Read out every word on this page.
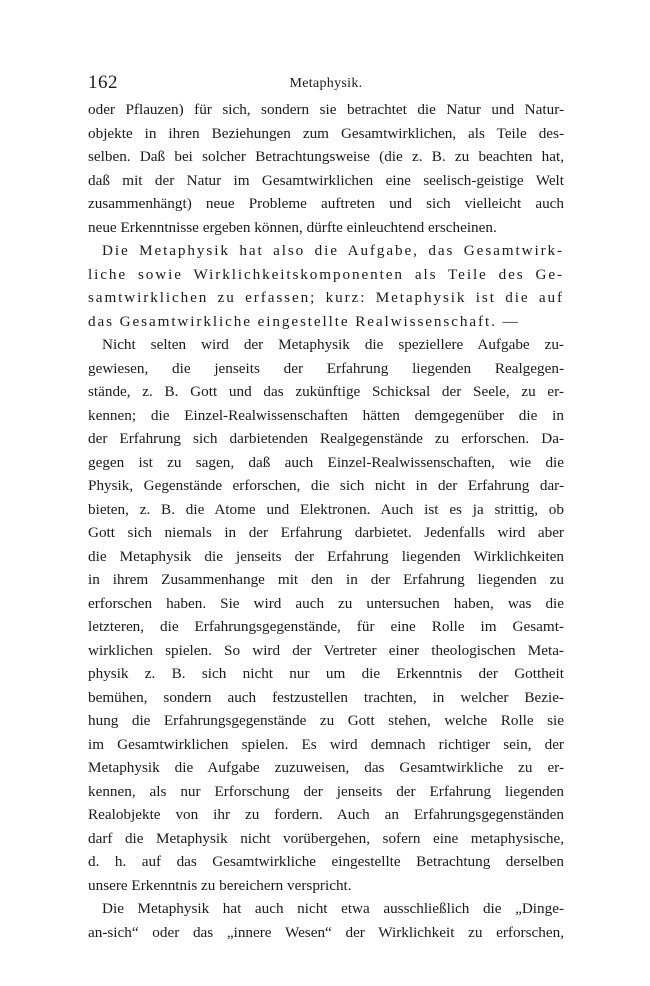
162	Metaphysik.
oder Pflauzen) für sich, sondern sie betrachtet die Natur und Natur-
objekte in ihren Beziehungen zum Gesamtwirklichen, als Teile des-
selben. Daß bei solcher Betrachtungsweise (die z. B. zu beachten hat,
daß mit der Natur im Gesamtwirklichen eine seelisch-geistige Welt
zusammenhängt) neue Probleme auftreten und sich vielleicht auch
neue Erkenntnisse ergeben können, dürfte einleuchtend erscheinen.
Die Metaphysik hat also die Aufgabe, das Gesamtwirk-
liche sowie Wirklichkeitskomponenten als Teile des Ge-
samtwirklichen zu erfassen; kurz: Metaphysik ist die auf
das Gesamtwirkliche eingestellte Realwissenschaft. —
Nicht selten wird der Metaphysik die speziellere Aufgabe zu-
gewiesen, die jenseits der Erfahrung liegenden Realgegen-
stände, z. B. Gott und das zukünftige Schicksal der Seele, zu er-
kennen; die Einzel-Realwissenschaften hätten demgegenüber die in
der Erfahrung sich darbietenden Realgegenstände zu erforschen. Da-
gegen ist zu sagen, daß auch Einzel-Realwissenschaften, wie die
Physik, Gegenstände erforschen, die sich nicht in der Erfahrung dar-
bieten, z. B. die Atome und Elektronen. Auch ist es ja strittig, ob
Gott sich niemals in der Erfahrung darbietet. Jedenfalls wird aber
die Metaphysik die jenseits der Erfahrung liegenden Wirklichkeiten
in ihrem Zusammenhange mit den in der Erfahrung liegenden zu
erforschen haben. Sie wird auch zu untersuchen haben, was die
letzteren, die Erfahrungsgegenstände, für eine Rolle im Gesamt-
wirklichen spielen. So wird der Vertreter einer theologischen Meta-
physik z. B. sich nicht nur um die Erkenntnis der Gottheit
bemühen, sondern auch festzustellen trachten, in welcher Bezie-
hung die Erfahrungsgegenstände zu Gott stehen, welche Rolle sie
im Gesamtwirklichen spielen. Es wird demnach richtiger sein, der
Metaphysik die Aufgabe zuzuweisen, das Gesamtwirkliche zu er-
kennen, als nur Erforschung der jenseits der Erfahrung liegenden
Realobjekte von ihr zu fordern. Auch an Erfahrungsgegenständen
darf die Metaphysik nicht vorübergehen, sofern eine metaphysische,
d. h. auf das Gesamtwirkliche eingestellte Betrachtung derselben
unsere Erkenntnis zu bereichern verspricht.
Die Metaphysik hat auch nicht etwa ausschließlich die „Dinge-
an-sich“ oder das „innere Wesen“ der Wirklichkeit zu erforschen,
